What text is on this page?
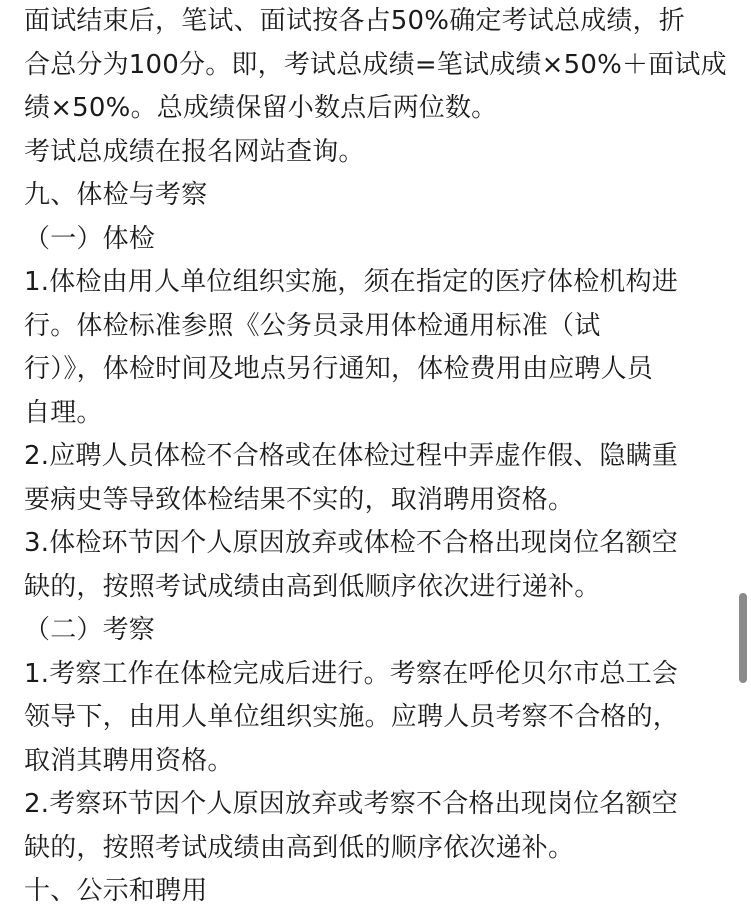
面试结束后，笔试、面试按各占50%确定考试总成绩，折
合总分为100分。即，考试总成绩=笔试成绩×50%＋面试成
绩×50%。总成绩保留小数点后两位数。
考试总成绩在报名网站查询。
九、体检与考察
（一）体检
1.体检由用人单位组织实施，须在指定的医疗体检机构进
行。体检标准参照《公务员录用体检通用标准（试
行）》，体检时间及地点另行通知，体检费用由应聘人员
自理。
2.应聘人员体检不合格或在体检过程中弄虚作假、隐瞒重
要病史等导致体检结果不实的，取消聘用资格。
3.体检环节因个人原因放弃或体检不合格出现岗位名额空
缺的，按照考试成绩由高到低顺序依次进行递补。
（二）考察
1.考察工作在体检完成后进行。考察在呼伦贝尔市总工会
领导下，由用人单位组织实施。应聘人员考察不合格的，
取消其聘用资格。
2.考察环节因个人原因放弃或考察不合格出现岗位名额空
缺的，按照考试成绩由高到低的顺序依次递补。
十、公示和聘用
